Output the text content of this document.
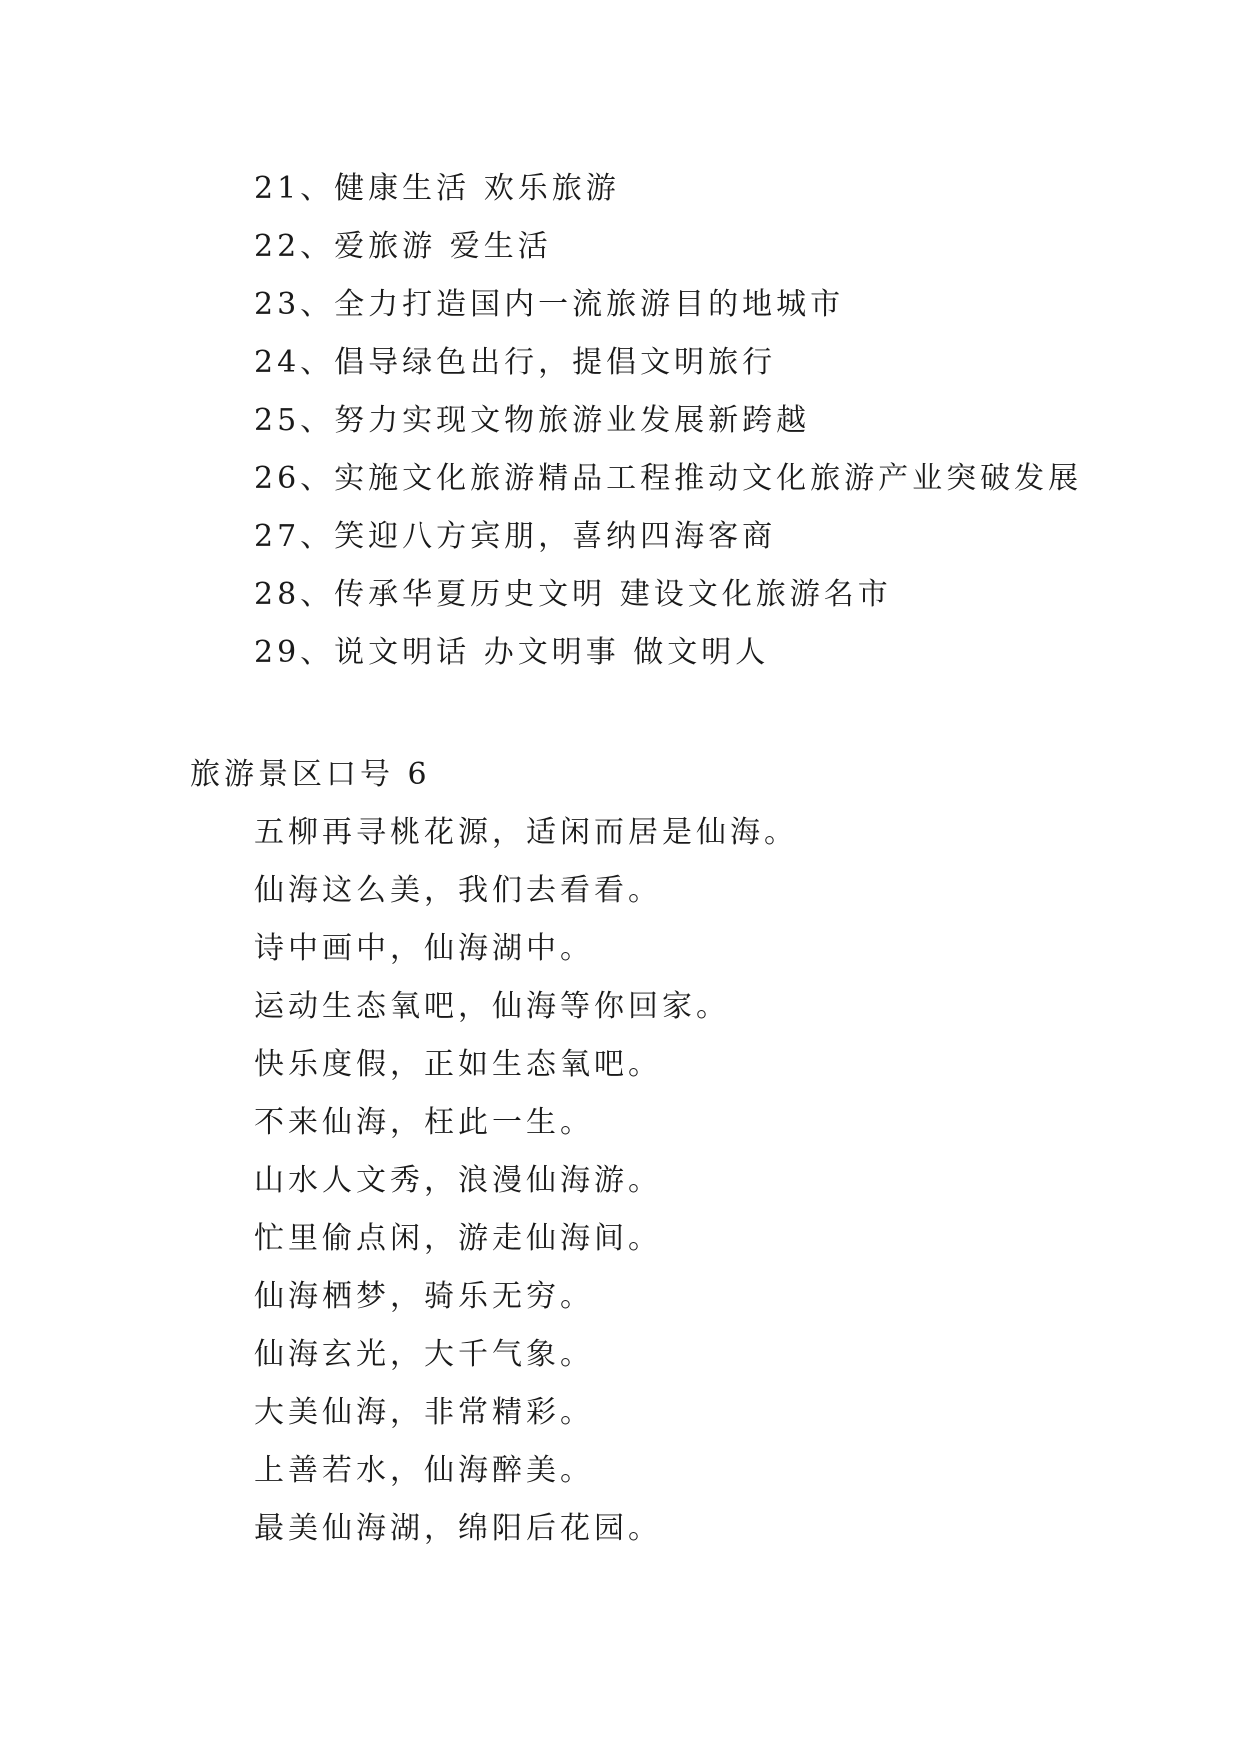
21、健康生活 欢乐旅游
22、爱旅游 爱生活
23、全力打造国内一流旅游目的地城市
24、倡导绿色出行，提倡文明旅行
25、努力实现文物旅游业发展新跨越
26、实施文化旅游精品工程推动文化旅游产业突破发展
27、笑迎八方宾朋，喜纳四海客商
28、传承华夏历史文明 建设文化旅游名市
29、说文明话 办文明事 做文明人
旅游景区口号 6
五柳再寻桃花源，适闲而居是仙海。
仙海这么美，我们去看看。
诗中画中，仙海湖中。
运动生态氧吧，仙海等你回家。
快乐度假，正如生态氧吧。
不来仙海，枉此一生。
山水人文秀，浪漫仙海游。
忙里偷点闲，游走仙海间。
仙海栖梦，骑乐无穷。
仙海玄光，大千气象。
大美仙海，非常精彩。
上善若水，仙海醉美。
最美仙海湖，绵阳后花园。
